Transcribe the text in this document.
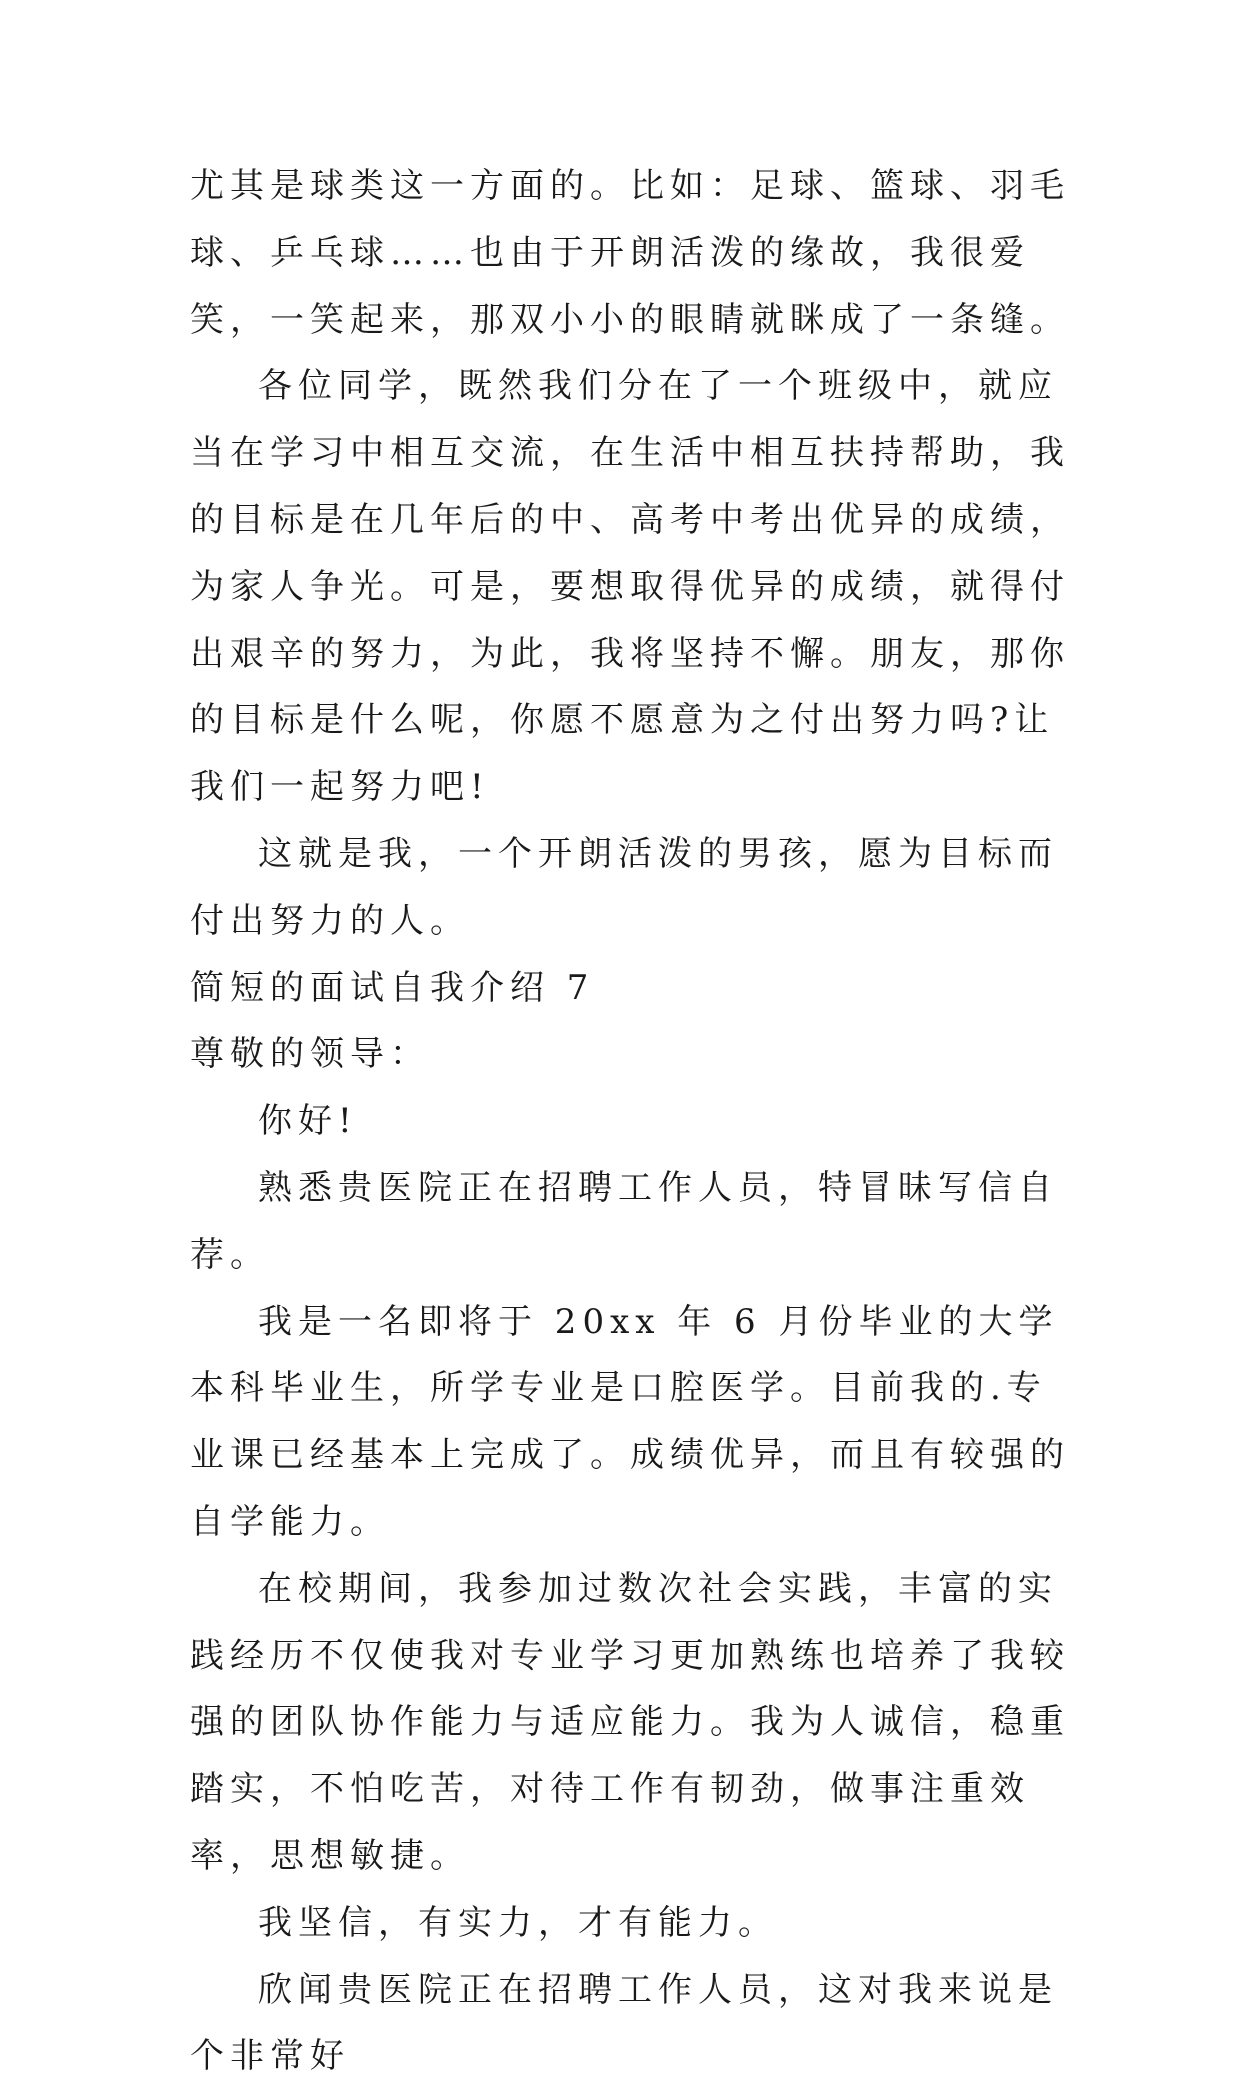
尤其是球类这一方面的。比如：足球、篮球、羽毛球、乒乓球……也由于开朗活泼的缘故，我很爱笑，一笑起来，那双小小的眼睛就眯成了一条缝。

各位同学，既然我们分在了一个班级中，就应当在学习中相互交流，在生活中相互扶持帮助，我的目标是在几年后的中、高考中考出优异的成绩，为家人争光。可是，要想取得优异的成绩，就得付出艰辛的努力，为此，我将坚持不懈。朋友，那你的目标是什么呢，你愿不愿意为之付出努力吗?让我们一起努力吧!

这就是我，一个开朗活泼的男孩，愿为目标而付出努力的人。

简短的面试自我介绍 7

尊敬的领导：

你好!

熟悉贵医院正在招聘工作人员，特冒昧写信自荐。

我是一名即将于 20xx 年 6 月份毕业的大学本科毕业生，所学专业是口腔医学。目前我的.专业课已经基本上完成了。成绩优异，而且有较强的自学能力。

在校期间，我参加过数次社会实践，丰富的实践经历不仅使我对专业学习更加熟练也培养了我较强的团队协作能力与适应能力。我为人诚信，稳重踏实，不怕吃苦，对待工作有韧劲，做事注重效率，思想敏捷。

我坚信，有实力，才有能力。

欣闻贵医院正在招聘工作人员，这对我来说是个非常好
